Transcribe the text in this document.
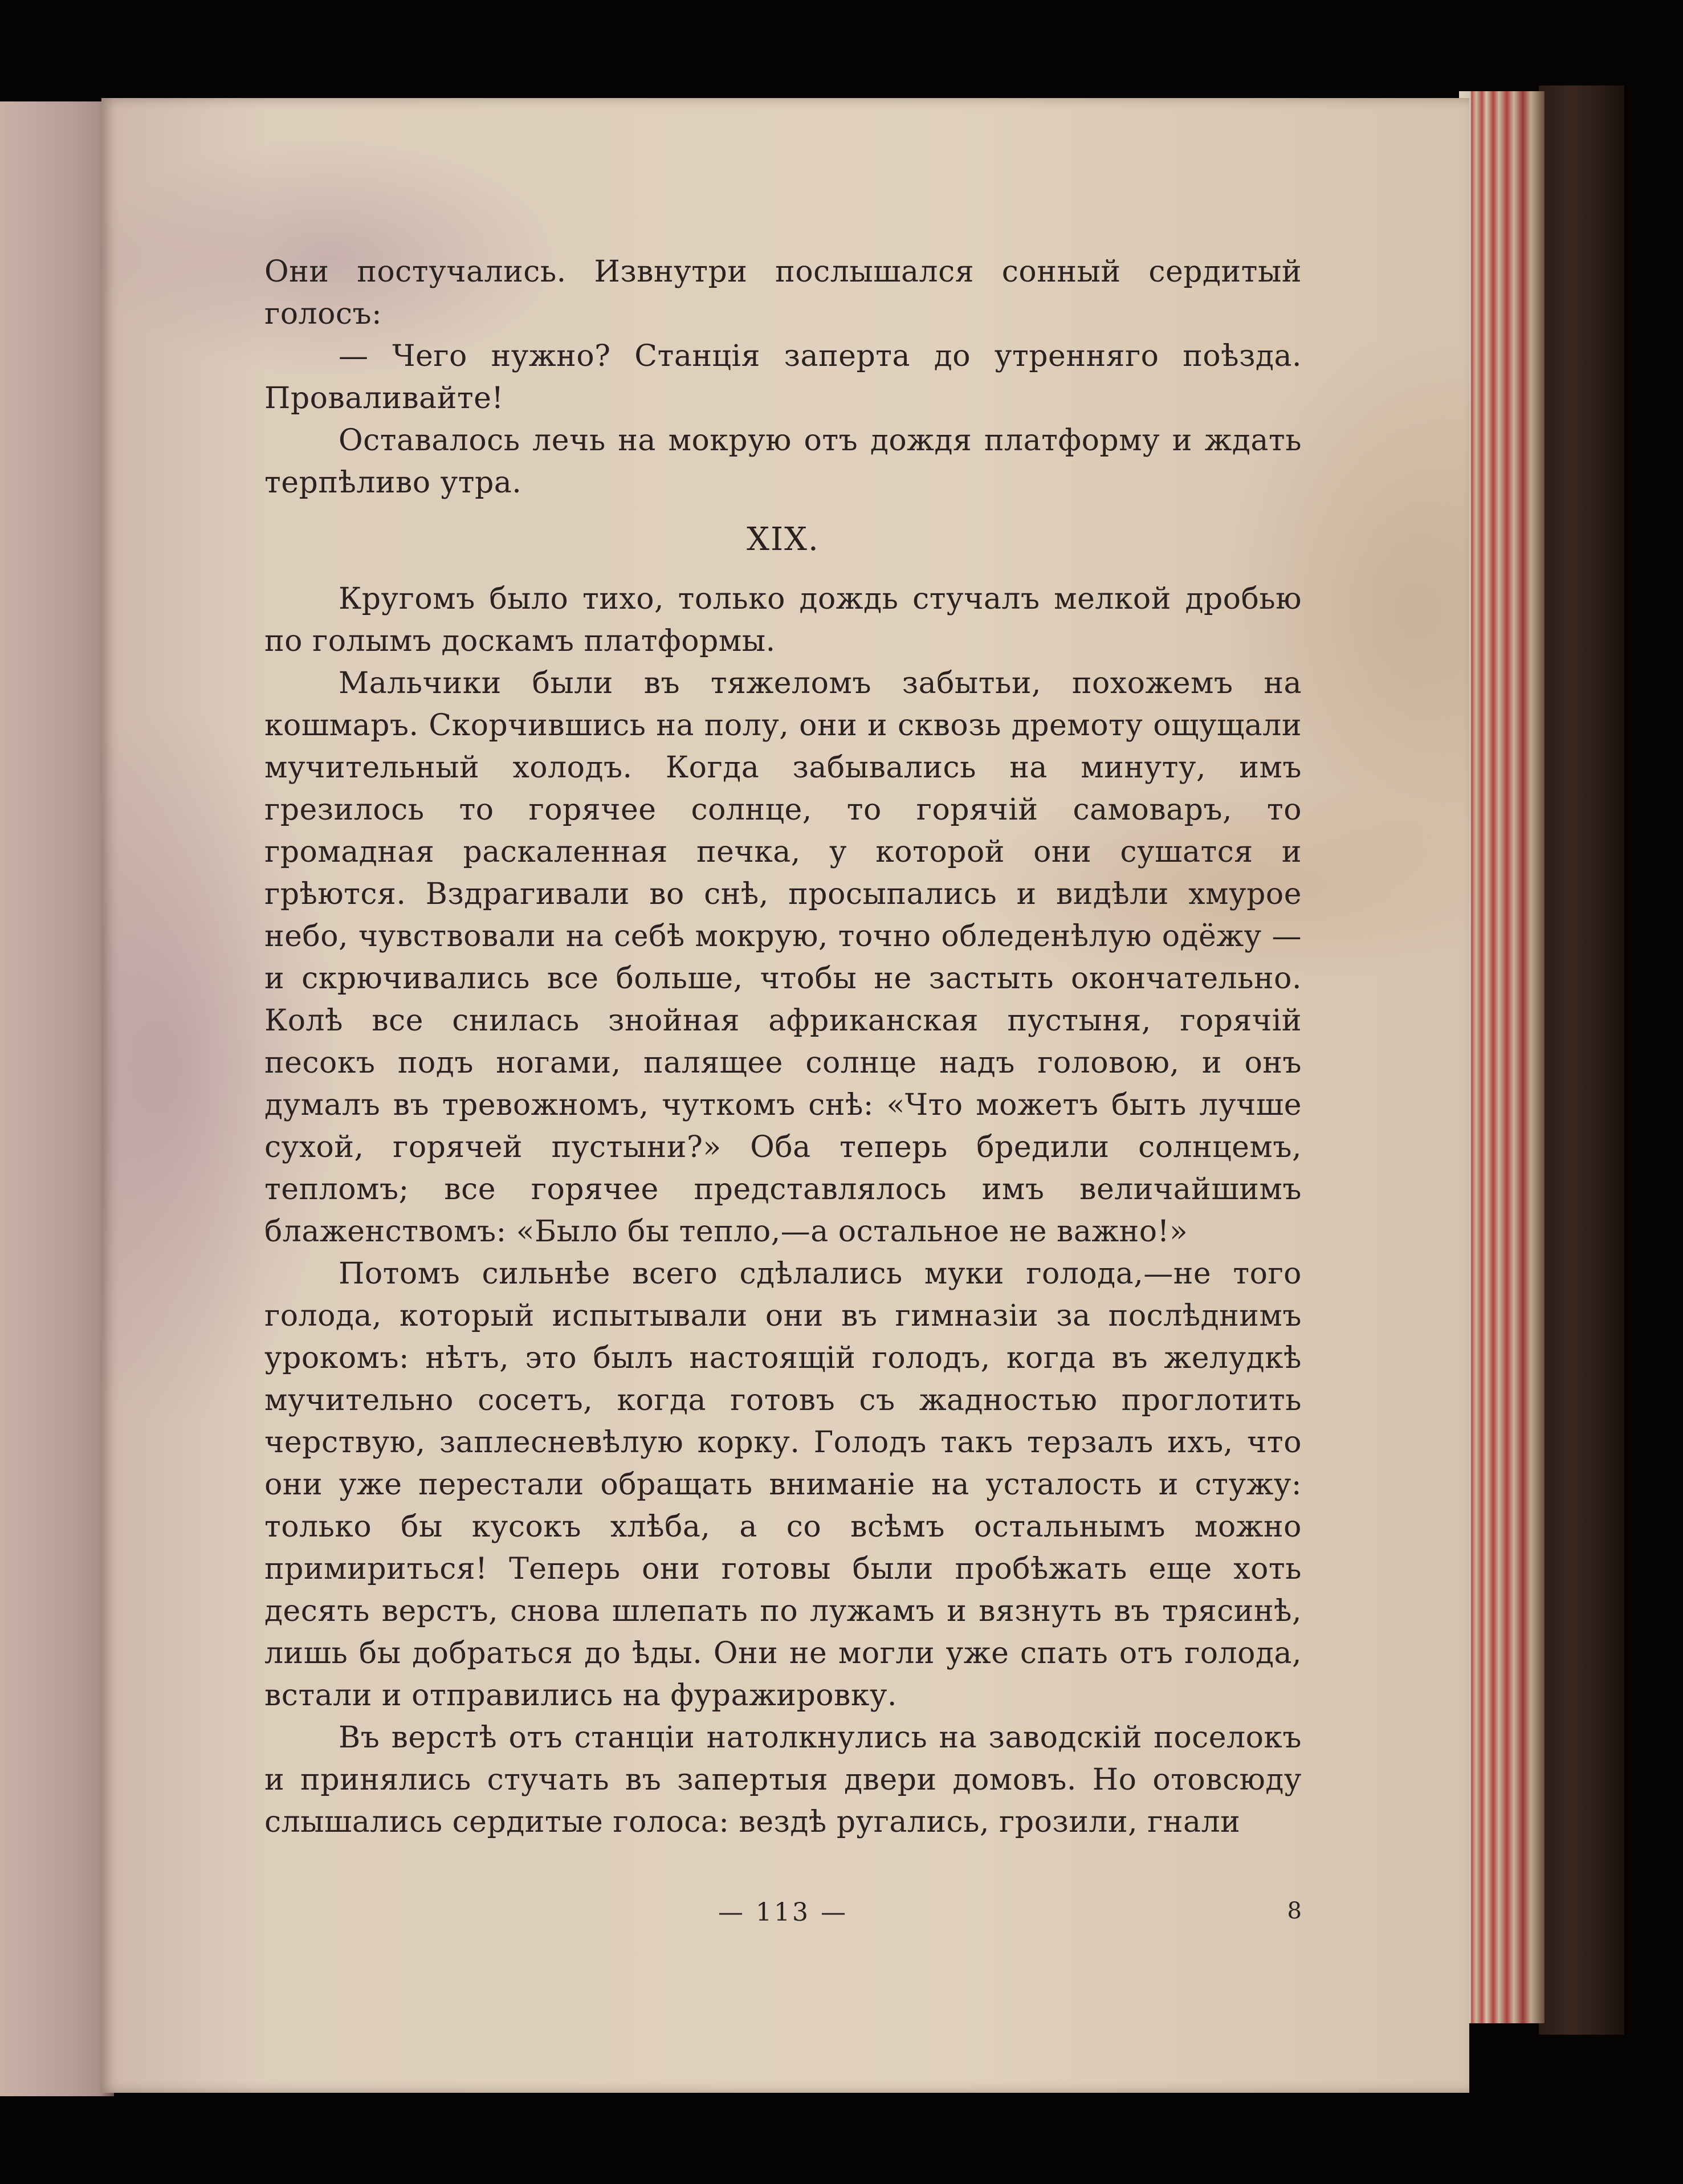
Они постучались. Извнутри послышался сонный сердитый голосъ:

— Чего нужно? Станцiя заперта до утренняго поѣзда. Проваливайте!

Оставалось лечь на мокрую отъ дождя платформу и ждать терпѣливо утра.

XIX.

Кругомъ было тихо, только дождь стучалъ мелкой дробью по голымъ доскамъ платформы.

Мальчики были въ тяжеломъ забытьи, похожемъ на кошмаръ. Скорчившись на полу, они и сквозь дремоту ощущали мучительный холодъ. Когда забывались на минуту, имъ грезилось то горячее солнце, то горячiй самоваръ, то громадная раскаленная печка, у которой они сушатся и грѣются. Вздрагивали во снѣ, просыпались и видѣли хмурое небо, чувствовали на себѣ мокрую, точно обледенѣлую одёжу — и скрючивались все больше, чтобы не застыть окончательно. Колѣ все снилась знойная африканская пустыня, горячiй песокъ подъ ногами, палящее солнце надъ головою, и онъ думалъ въ тревожномъ, чуткомъ снѣ: «Что можетъ быть лучше сухой, горячей пустыни?» Оба теперь бредили солнцемъ, тепломъ; все горячее представлялось имъ величайшимъ блаженствомъ: «Было бы тепло,—а остальное не важно!»

Потомъ сильнѣе всего сдѣлались муки голода,—не того голода, который испытывали они въ гимназiи за послѣднимъ урокомъ: нѣтъ, это былъ настоящiй голодъ, когда въ желудкѣ мучительно сосетъ, когда готовъ съ жадностью проглотить черствую, заплесневѣлую корку. Голодъ такъ терзалъ ихъ, что они уже перестали обращать вниманiе на усталость и стужу: только бы кусокъ хлѣба, а со всѣмъ остальнымъ можно примириться! Теперь они готовы были пробѣжать еще хоть десять верстъ, снова шлепать по лужамъ и вязнуть въ трясинѣ, лишь бы добраться до ѣды. Они не могли уже спать отъ голода, встали и отправились на фуражировку.

Въ верстѣ отъ станцiи натолкнулись на заводскiй поселокъ и принялись стучать въ запертыя двери домовъ. Но отовсюду слышались сердитые голоса: вездѣ ругались, грозили, гнали

— 113 —	8
